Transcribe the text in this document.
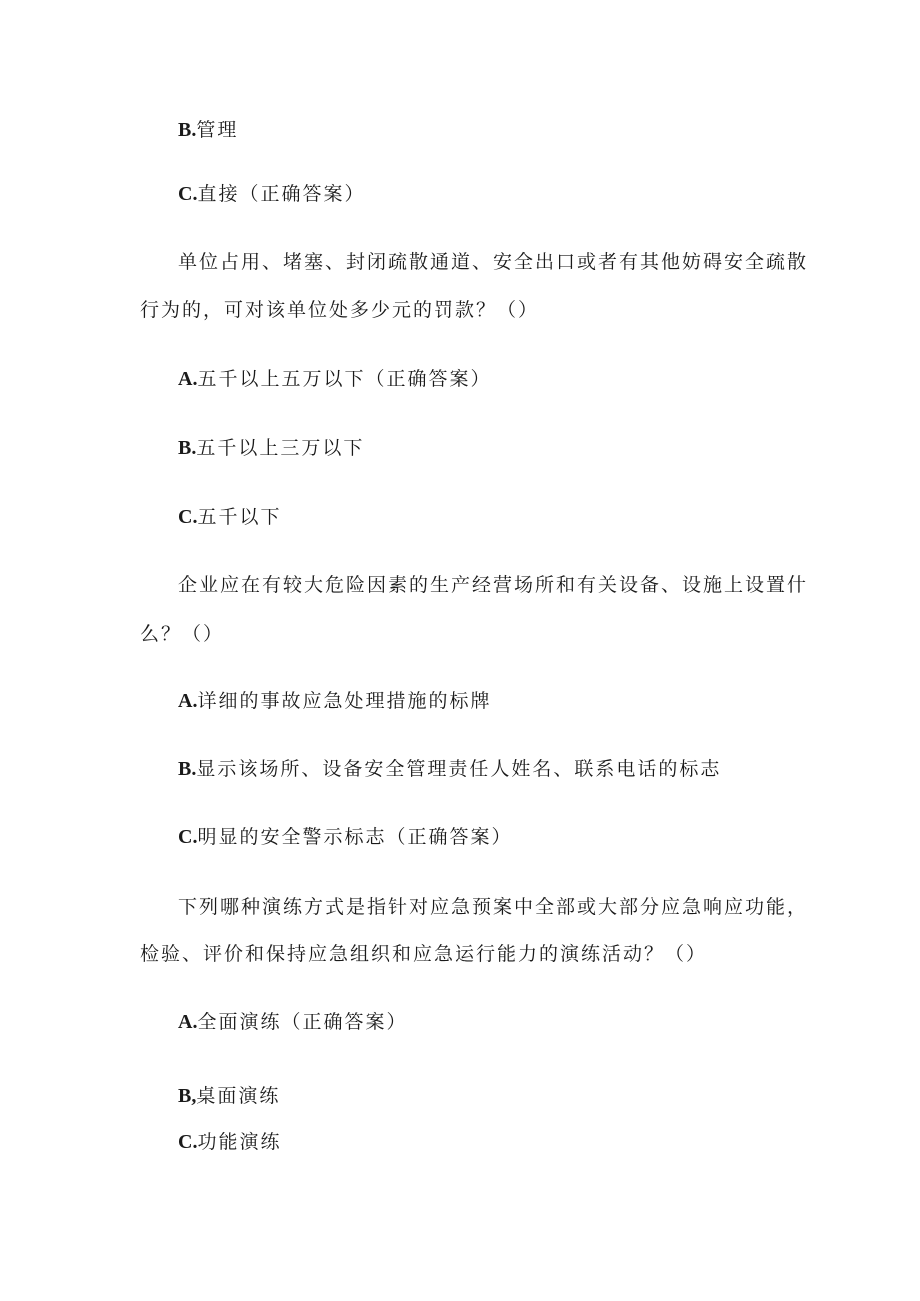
B.管理
C.直接（正确答案）
单位占用、堵塞、封闭疏散通道、安全出口或者有其他妨碍安全疏散
行为的，可对该单位处多少元的罚款？（）
A.五千以上五万以下（正确答案）
B.五千以上三万以下
C.五千以下
企业应在有较大危险因素的生产经营场所和有关设备、设施上设置什
么？（）
A.详细的事故应急处理措施的标牌
B.显示该场所、设备安全管理责任人姓名、联系电话的标志
C.明显的安全警示标志（正确答案）
下列哪种演练方式是指针对应急预案中全部或大部分应急响应功能，
检验、评价和保持应急组织和应急运行能力的演练活动？（）
A.全面演练（正确答案）
B,桌面演练
C.功能演练
